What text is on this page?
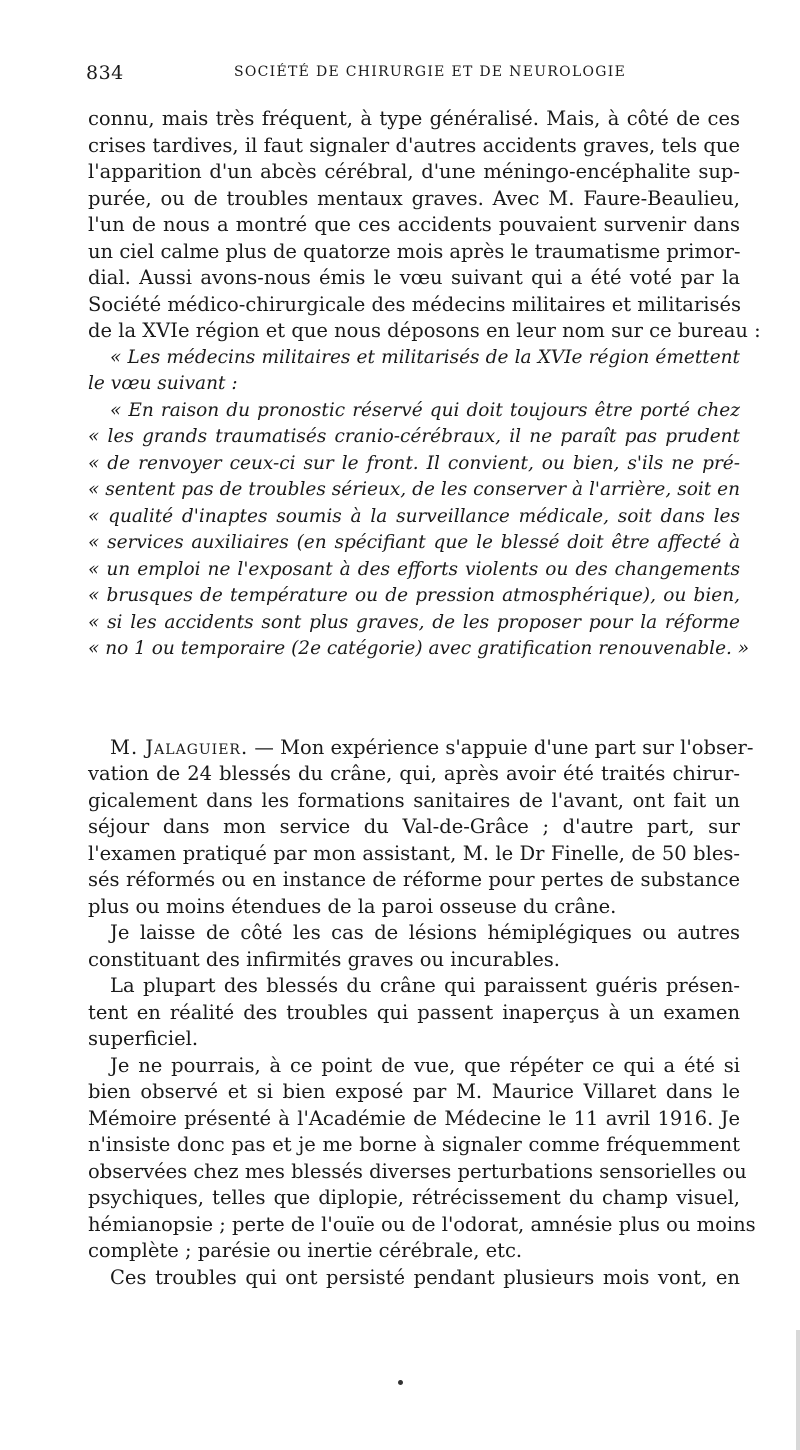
834	SOCIÉTÉ DE CHIRURGIE ET DE NEUROLOGIE
connu, mais très fréquent, à type généralisé. Mais, à côté de ces
crises tardives, il faut signaler d'autres accidents graves, tels que
l'apparition d'un abcès cérébral, d'une méningo-encéphalite sup-
purée, ou de troubles mentaux graves. Avec M. Faure-Beaulieu,
l'un de nous a montré que ces accidents pouvaient survenir dans
un ciel calme plus de quatorze mois après le traumatisme primor-
dial. Aussi avons-nous émis le vœu suivant qui a été voté par la
Société médico-chirurgicale des médecins militaires et militarisés
de la XVIe région et que nous déposons en leur nom sur ce bureau :
« Les médecins militaires et militarisés de la XVIe région émettent
le vœu suivant :
« En raison du pronostic réservé qui doit toujours être porté chez
« les grands traumatisés cranio-cérébraux, il ne paraît pas prudent
« de renvoyer ceux-ci sur le front. Il convient, ou bien, s'ils ne pré-
« sentent pas de troubles sérieux, de les conserver à l'arrière, soit en
« qualité d'inaptes soumis à la surveillance médicale, soit dans les
« services auxiliaires (en spécifiant que le blessé doit être affecté à
« un emploi ne l'exposant à des efforts violents ou des changements
« brusques de température ou de pression atmosphérique), ou bien,
« si les accidents sont plus graves, de les proposer pour la réforme
« no 1 ou temporaire (2e catégorie) avec gratification renouvenable. »
M. Jalaguier. — Mon expérience s'appuie d'une part sur l'obser-
vation de 24 blessés du crâne, qui, après avoir été traités chirur-
gicalement dans les formations sanitaires de l'avant, ont fait un
séjour dans mon service du Val-de-Grâce ; d'autre part, sur
l'examen pratiqué par mon assistant, M. le Dr Finelle, de 50 bles-
sés réformés ou en instance de réforme pour pertes de substance
plus ou moins étendues de la paroi osseuse du crâne.
Je laisse de côté les cas de lésions hémiplégiques ou autres
constituant des infirmités graves ou incurables.
La plupart des blessés du crâne qui paraissent guéris présen-
tent en réalité des troubles qui passent inaperçus à un examen
superficiel.
Je ne pourrais, à ce point de vue, que répéter ce qui a été si
bien observé et si bien exposé par M. Maurice Villaret dans le
Mémoire présenté à l'Académie de Médecine le 11 avril 1916. Je
n'insiste donc pas et je me borne à signaler comme fréquemment
observées chez mes blessés diverses perturbations sensorielles ou
psychiques, telles que diplopie, rétrécissement du champ visuel,
hémianopsie ; perte de l'ouïe ou de l'odorat, amnésie plus ou moins
complète ; parésie ou inertie cérébrale, etc.
Ces troubles qui ont persisté pendant plusieurs mois vont, en
